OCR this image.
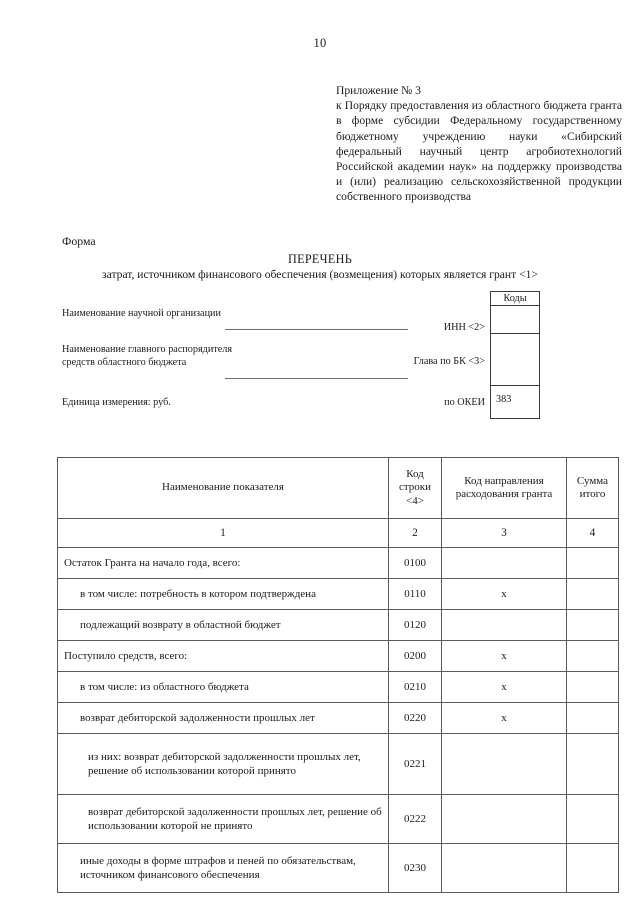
10
Приложение № 3
к Порядку предоставления из областного бюджета гранта в форме субсидии Федеральному государственному бюджетному учреждению науки «Сибирский федеральный научный центр агробиотехнологий Российской академии наук» на поддержку производства и (или) реализацию сельскохозяйственной продукции собственного производства
Форма
ПЕРЕЧЕНЬ
затрат, источником финансового обеспечения (возмещения) которых является грант <1>
Наименование научной организации
Наименование главного распорядителя средств областного бюджета
Единица измерения: руб.
ИНН <2>
Глава по БК <3>
по ОКЕИ
Коды
383
Наименование показателя	Код строки <4>	Код направления расходования гранта	Сумма итого
1	2	3	4
Остаток Гранта на начало года, всего:	0100		
в том числе: потребность в котором подтверждена	0110	х	
подлежащий возврату в областной бюджет	0120		
Поступило средств, всего:	0200	х	
в том числе: из областного бюджета	0210	х	
возврат дебиторской задолженности прошлых лет	0220	х	
из них: возврат дебиторской задолженности прошлых лет, решение об использовании которой принято	0221		
возврат дебиторской задолженности прошлых лет, решение об использовании которой не принято	0222		
иные доходы в форме штрафов и пеней по обязательствам, источником финансового обеспечения	0230		
